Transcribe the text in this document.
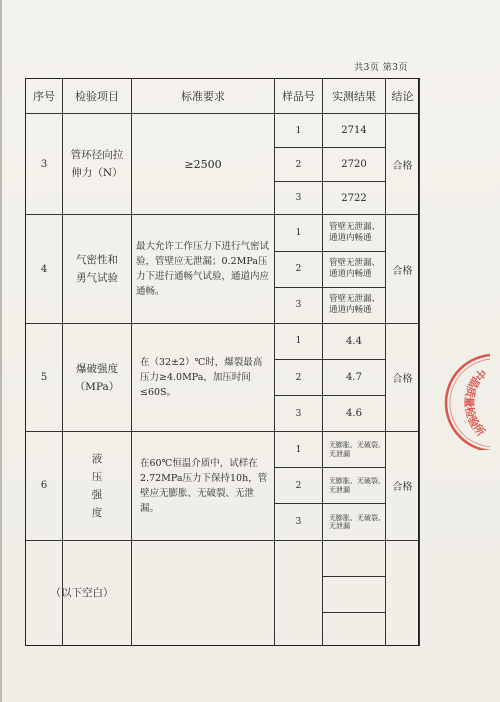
共3页 第3页
序号	检验项目	标准要求	样品号	实测结果	结论
3	管环径向拉伸力（N）	≥2500	1	2714	合格
			2	2720	
			3	2722	
4	气密性和勇气试验	最大允许工作压力下进行气密试验，管壁应无泄漏；0.2MPa压力下进行通畅气试验，通道内应通畅。	1	管壁无泄漏、通道内畅通	合格
			2	管壁无泄漏、通道内畅通	
			3	管壁无泄漏、通道内畅通	
5	爆破强度（MPa）	在（32±2）℃时，爆裂最高压力≥4.0MPa，加压时间≤60S。	1	4.4	合格
			2	4.7	
			3	4.6	
6	液压强度	在60℃恒温介质中，试样在2.72MPa压力下保持10h，管壁应无膨胀、无破裂、无泄漏。	1	无膨胀、无破裂、无泄漏	合格
			2	无膨胀、无破裂、无泄漏	
			3	无膨胀、无破裂、无泄漏	

	（以下空白）				

中晶质量检验所
